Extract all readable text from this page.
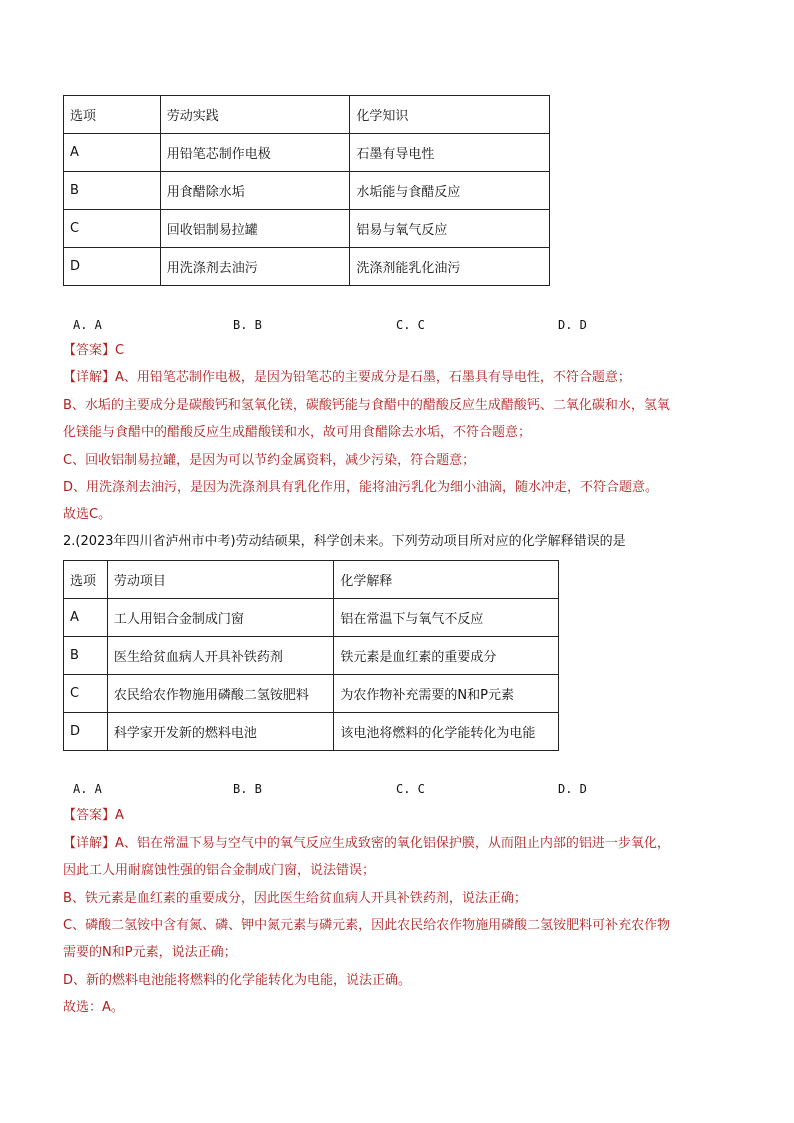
选项	劳动实践	化学知识
A	用铅笔芯制作电极	石墨有导电性
B	用食醋除水垢	水垢能与食醋反应
C	回收铝制易拉罐	铝易与氧气反应
D	用洗涤剂去油污	洗涤剂能乳化油污
A. A	B. B	C. C	D. D
【答案】C
【详解】A、用铅笔芯制作电极，是因为铅笔芯的主要成分是石墨，石墨具有导电性，不符合题意；
B、水垢的主要成分是碳酸钙和氢氧化镁，碳酸钙能与食醋中的醋酸反应生成醋酸钙、二氧化碳和水，氢氧
化镁能与食醋中的醋酸反应生成醋酸镁和水，故可用食醋除去水垢，不符合题意；
C、回收铝制易拉罐，是因为可以节约金属资料，减少污染，符合题意；
D、用洗涤剂去油污，是因为洗涤剂具有乳化作用，能将油污乳化为细小油滴，随水冲走，不符合题意。
故选C。
2.(2023年四川省泸州市中考)劳动结硕果，科学创未来。下列劳动项目所对应的化学解释错误的是
选项	劳动项目	化学解释
A	工人用铝合金制成门窗	铝在常温下与氧气不反应
B	医生给贫血病人开具补铁药剂	铁元素是血红素的重要成分
C	农民给农作物施用磷酸二氢铵肥料	为农作物补充需要的N和P元素
D	科学家开发新的燃料电池	该电池将燃料的化学能转化为电能
A. A	B. B	C. C	D. D
【答案】A
【详解】A、铝在常温下易与空气中的氧气反应生成致密的氧化铝保护膜，从而阻止内部的铝进一步氧化，
因此工人用耐腐蚀性强的铝合金制成门窗，说法错误；
B、铁元素是血红素的重要成分，因此医生给贫血病人开具补铁药剂，说法正确；
C、磷酸二氢铵中含有氮、磷、钾中氮元素与磷元素，因此农民给农作物施用磷酸二氢铵肥料可补充农作物
需要的N和P元素，说法正确；
D、新的燃料电池能将燃料的化学能转化为电能，说法正确。
故选：A。
